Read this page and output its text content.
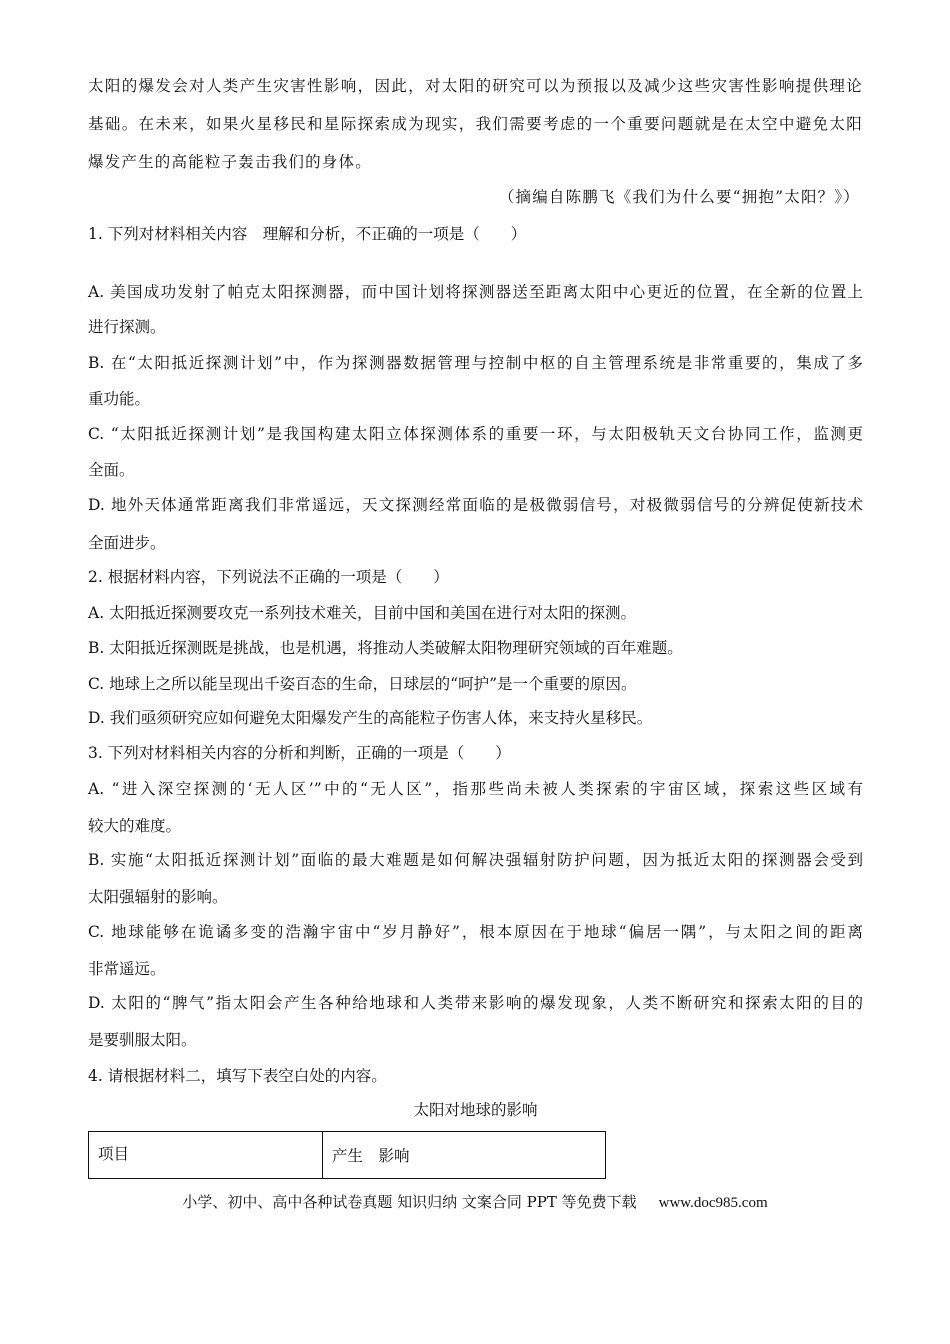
太阳的爆发会对人类产生灾害性影响，因此，对太阳的研究可以为预报以及减少这些灾害性影响提供理论
基础。在未来，如果火星移民和星际探索成为现实，我们需要考虑的一个重要问题就是在太空中避免太阳
爆发产生的高能粒子轰击我们的身体。
（摘编自陈鹏飞《我们为什么要“拥抱”太阳？》）
1. 下列对材料相关内容　理解和分析，不正确的一项是（　　）
A. 美国成功发射了帕克太阳探测器，而中国计划将探测器送至距离太阳中心更近的位置，在全新的位置上
进行探测。
B. 在“太阳抵近探测计划”中，作为探测器数据管理与控制中枢的自主管理系统是非常重要的，集成了多
重功能。
C. “太阳抵近探测计划”是我国构建太阳立体探测体系的重要一环，与太阳极轨天文台协同工作，监测更
全面。
D. 地外天体通常距离我们非常遥远，天文探测经常面临的是极微弱信号，对极微弱信号的分辨促使新技术
全面进步。
2. 根据材料内容，下列说法不正确的一项是（　　）
A. 太阳抵近探测要攻克一系列技术难关，目前中国和美国在进行对太阳的探测。
B. 太阳抵近探测既是挑战，也是机遇，将推动人类破解太阳物理研究领域的百年难题。
C. 地球上之所以能呈现出千姿百态的生命，日球层的“呵护”是一个重要的原因。
D. 我们亟须研究应如何避免太阳爆发产生的高能粒子伤害人体，来支持火星移民。
3. 下列对材料相关内容的分析和判断，正确的一项是（　　）
A. “进入深空探测的‘无人区’”中的“无人区”，指那些尚未被人类探索的宇宙区域，探索这些区域有
较大的难度。
B. 实施“太阳抵近探测计划”面临的最大难题是如何解决强辐射防护问题，因为抵近太阳的探测器会受到
太阳强辐射的影响。
C. 地球能够在诡谲多变的浩瀚宇宙中“岁月静好”，根本原因在于地球“偏居一隅”，与太阳之间的距离
非常遥远。
D. 太阳的“脾气”指太阳会产生各种给地球和人类带来影响的爆发现象，人类不断研究和探索太阳的目的
是要驯服太阳。
4. 请根据材料二，填写下表空白处的内容。
太阳对地球的影响
项目	产生　影响
小学、初中、高中各种试卷真题 知识归纳 文案合同 PPT 等免费下载 www.doc985.com
